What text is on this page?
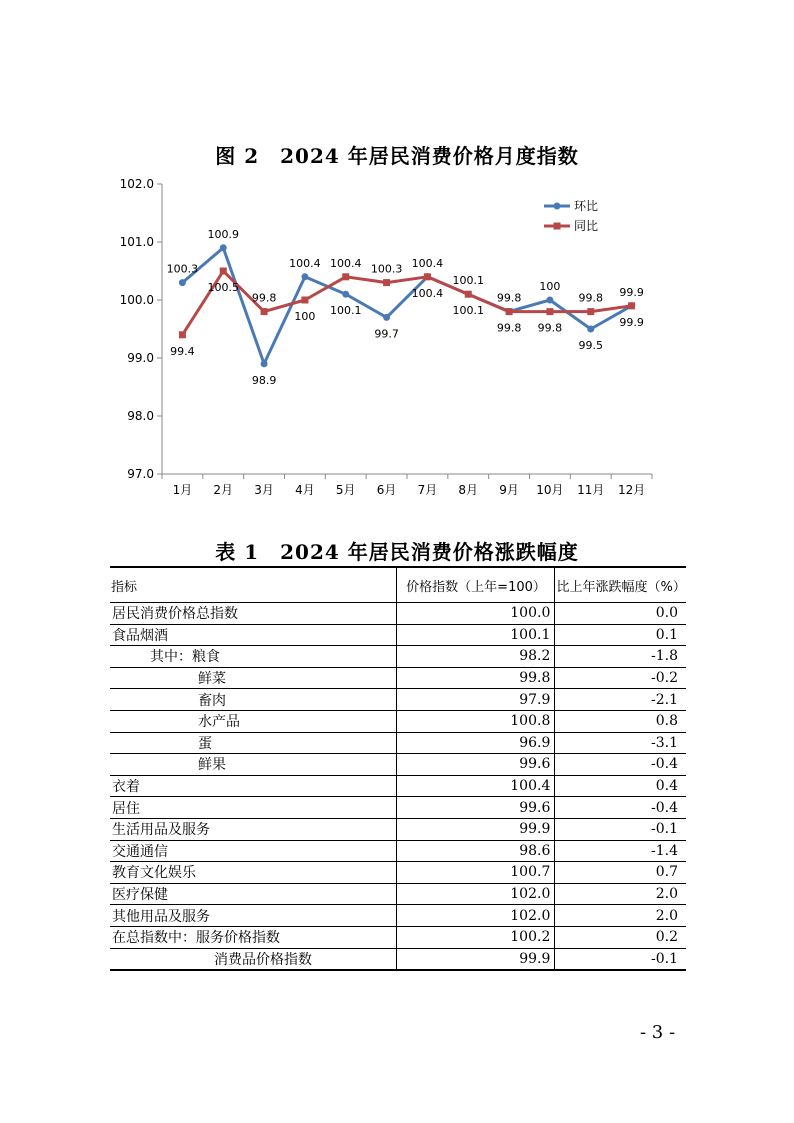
图 2　2024 年居民消费价格月度指数
97.0
98.0
99.0
100.0
101.0
102.0
1月 2月 3月 4月 5月 6月 7月 8月 9月 10月 11月 12月
100.3
100.9
98.9
100.4
100.1
99.7
100.4
100.1
99.8
100
99.5
99.9
99.4
100.5
99.8
100
100.4 100.3
100.4
100.1
99.8 99.8
99.8 99.9
环比
同比
表 1　2024 年居民消费价格涨跌幅度
指标	价格指数（上年=100）	比上年涨跌幅度（%）
居民消费价格总指数	100.0	0.0
食品烟酒	100.1	0.1
其中：粮食	98.2	-1.8
鲜菜	99.8	-0.2
畜肉	97.9	-2.1
水产品	100.8	0.8
蛋	96.9	-3.1
鲜果	99.6	-0.4
衣着	100.4	0.4
居住	99.6	-0.4
生活用品及服务	99.9	-0.1
交通通信	98.6	-1.4
教育文化娱乐	100.7	0.7
医疗保健	102.0	2.0
其他用品及服务	102.0	2.0
在总指数中：服务价格指数	100.2	0.2
消费品价格指数	99.9	-0.1
- 3 -
